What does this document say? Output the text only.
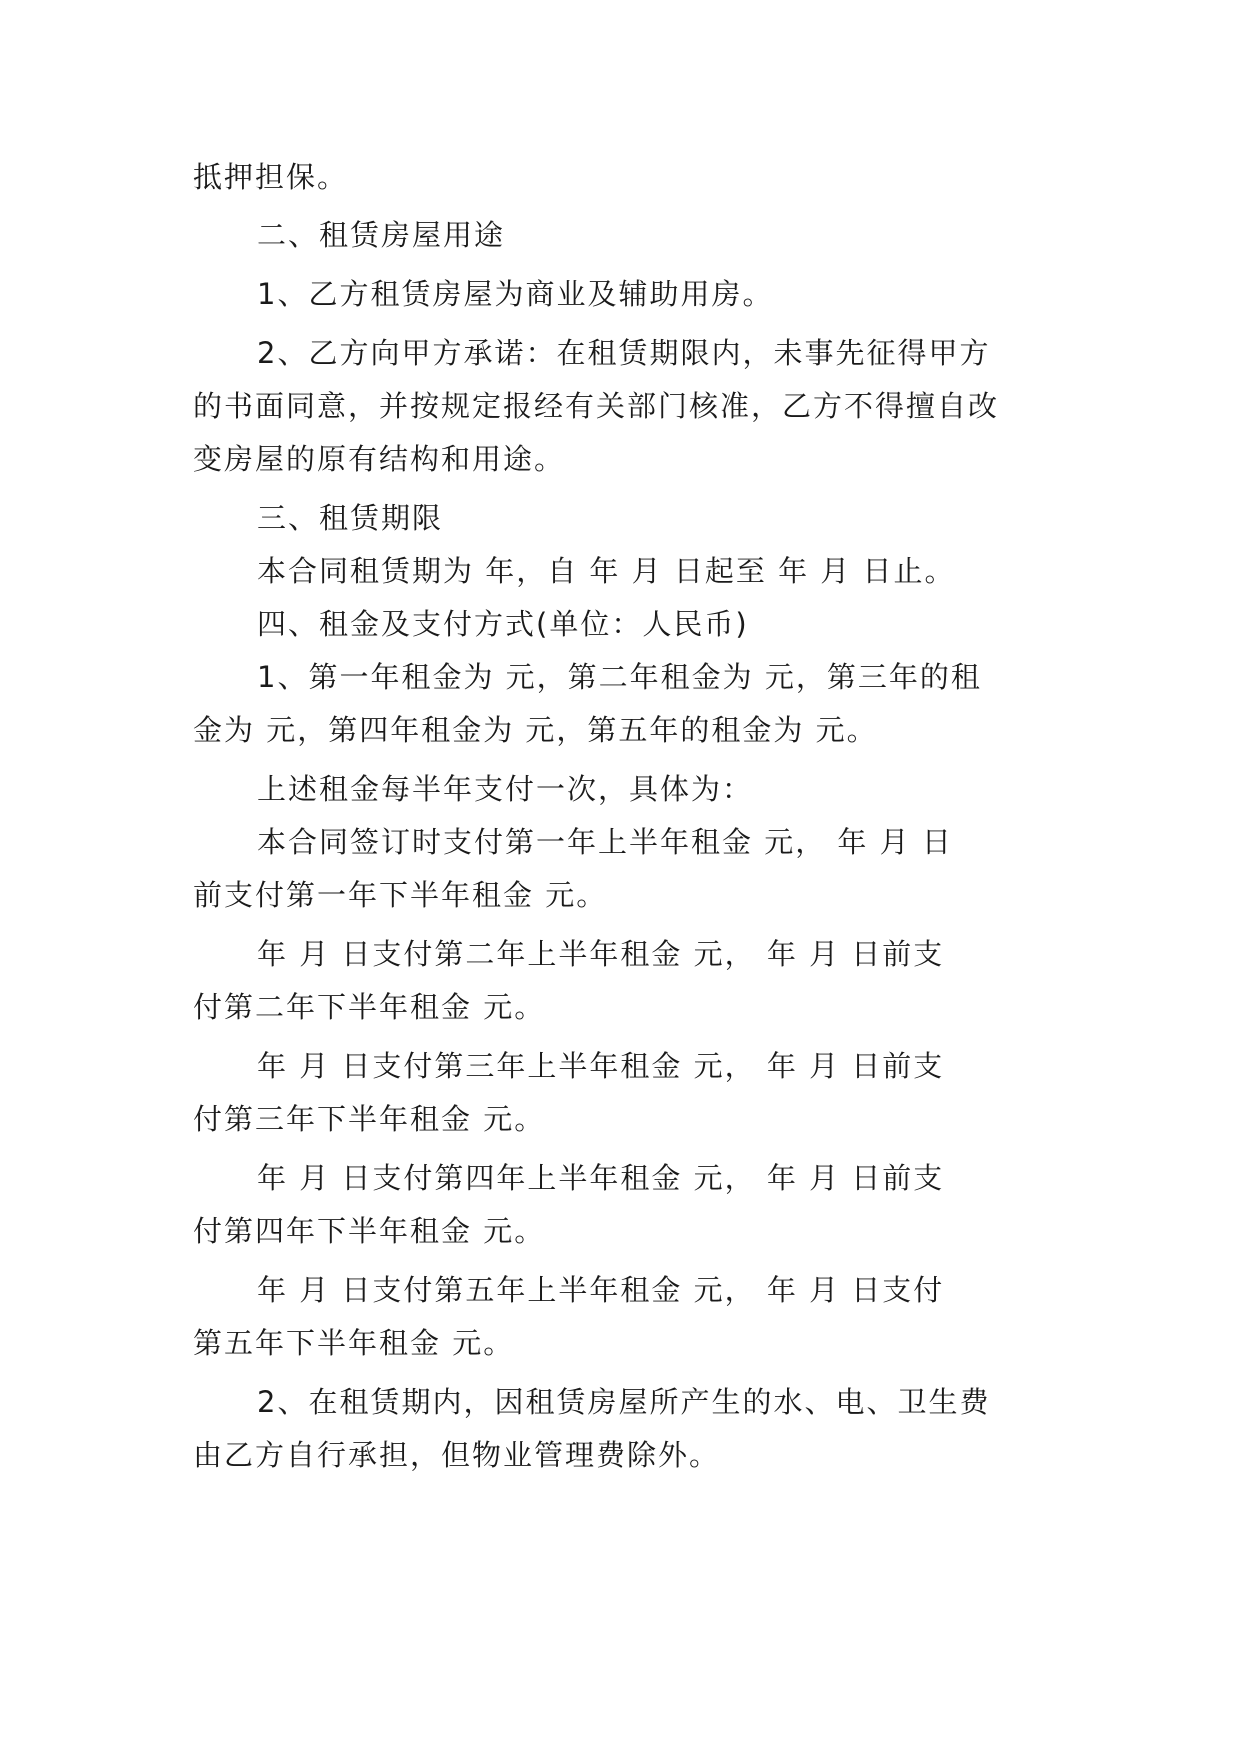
抵押担保。
二、租赁房屋用途
1、乙方租赁房屋为商业及辅助用房。
2、乙方向甲方承诺：在租赁期限内，未事先征得甲方
的书面同意，并按规定报经有关部门核准，乙方不得擅自改
变房屋的原有结构和用途。
三、租赁期限
本合同租赁期为 年，自 年 月 日起至 年 月 日止。
四、租金及支付方式(单位：人民币)
1、第一年租金为 元，第二年租金为 元，第三年的租
金为 元，第四年租金为 元，第五年的租金为 元。
上述租金每半年支付一次，具体为：
本合同签订时支付第一年上半年租金 元， 年 月 日
前支付第一年下半年租金 元。
年 月 日支付第二年上半年租金 元， 年 月 日前支
付第二年下半年租金 元。
年 月 日支付第三年上半年租金 元， 年 月 日前支
付第三年下半年租金 元。
年 月 日支付第四年上半年租金 元， 年 月 日前支
付第四年下半年租金 元。
年 月 日支付第五年上半年租金 元， 年 月 日支付
第五年下半年租金 元。
2、在租赁期内，因租赁房屋所产生的水、电、卫生费
由乙方自行承担，但物业管理费除外。
